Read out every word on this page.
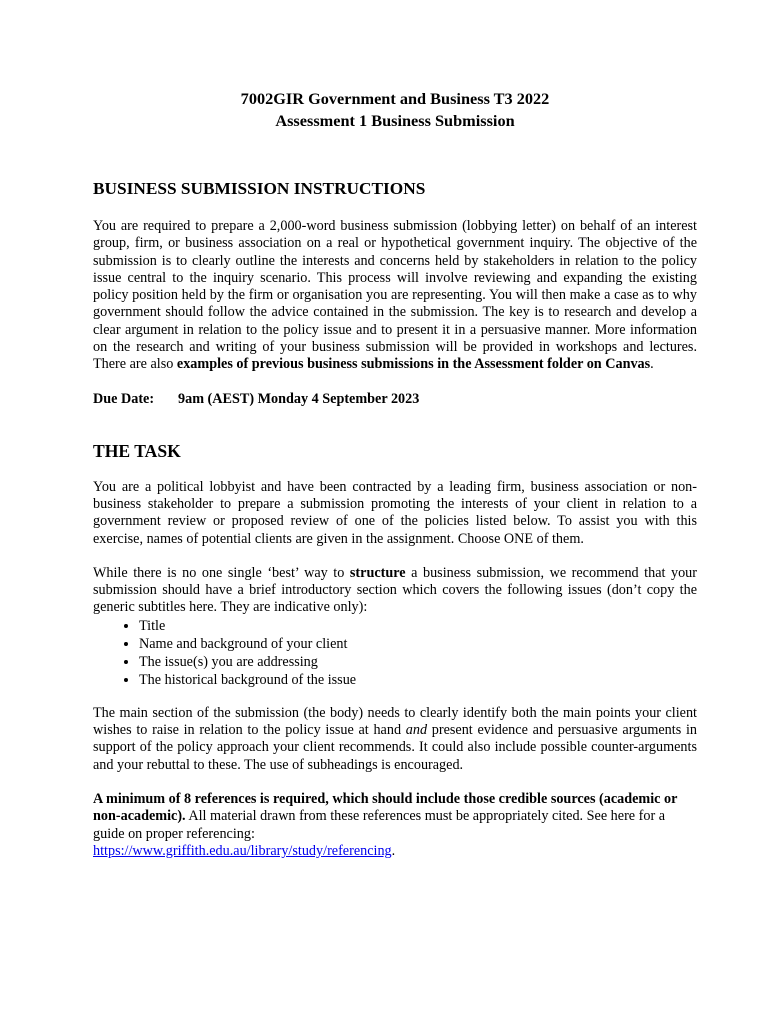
7002GIR Government and Business T3 2022
Assessment 1 Business Submission
BUSINESS SUBMISSION INSTRUCTIONS

You are required to prepare a 2,000-word business submission (lobbying letter) on behalf of an interest group, firm, or business association on a real or hypothetical government inquiry. The objective of the submission is to clearly outline the interests and concerns held by stakeholders in relation to the policy issue central to the inquiry scenario. This process will involve reviewing and expanding the existing policy position held by the firm or organisation you are representing. You will then make a case as to why government should follow the advice contained in the submission. The key is to research and develop a clear argument in relation to the policy issue and to present it in a persuasive manner. More information on the research and writing of your business submission will be provided in workshops and lectures. There are also examples of previous business submissions in the Assessment folder on Canvas.

Due Date: 9am (AEST) Monday 4 September 2023
THE TASK

You are a political lobbyist and have been contracted by a leading firm, business association or non-business stakeholder to prepare a submission promoting the interests of your client in relation to a government review or proposed review of one of the policies listed below. To assist you with this exercise, names of potential clients are given in the assignment. Choose ONE of them.

While there is no one single ‘best’ way to structure a business submission, we recommend that your submission should have a brief introductory section which covers the following issues (don’t copy the generic subtitles here. They are indicative only):

• Title
• Name and background of your client
• The issue(s) you are addressing
• The historical background of the issue

The main section of the submission (the body) needs to clearly identify both the main points your client wishes to raise in relation to the policy issue at hand and present evidence and persuasive arguments in support of the policy approach your client recommends. It could also include possible counter-arguments and your rebuttal to these. The use of subheadings is encouraged.

A minimum of 8 references is required, which should include those credible sources (academic or non-academic). All material drawn from these references must be appropriately cited. See here for a guide on proper referencing:
https://www.griffith.edu.au/library/study/referencing.
